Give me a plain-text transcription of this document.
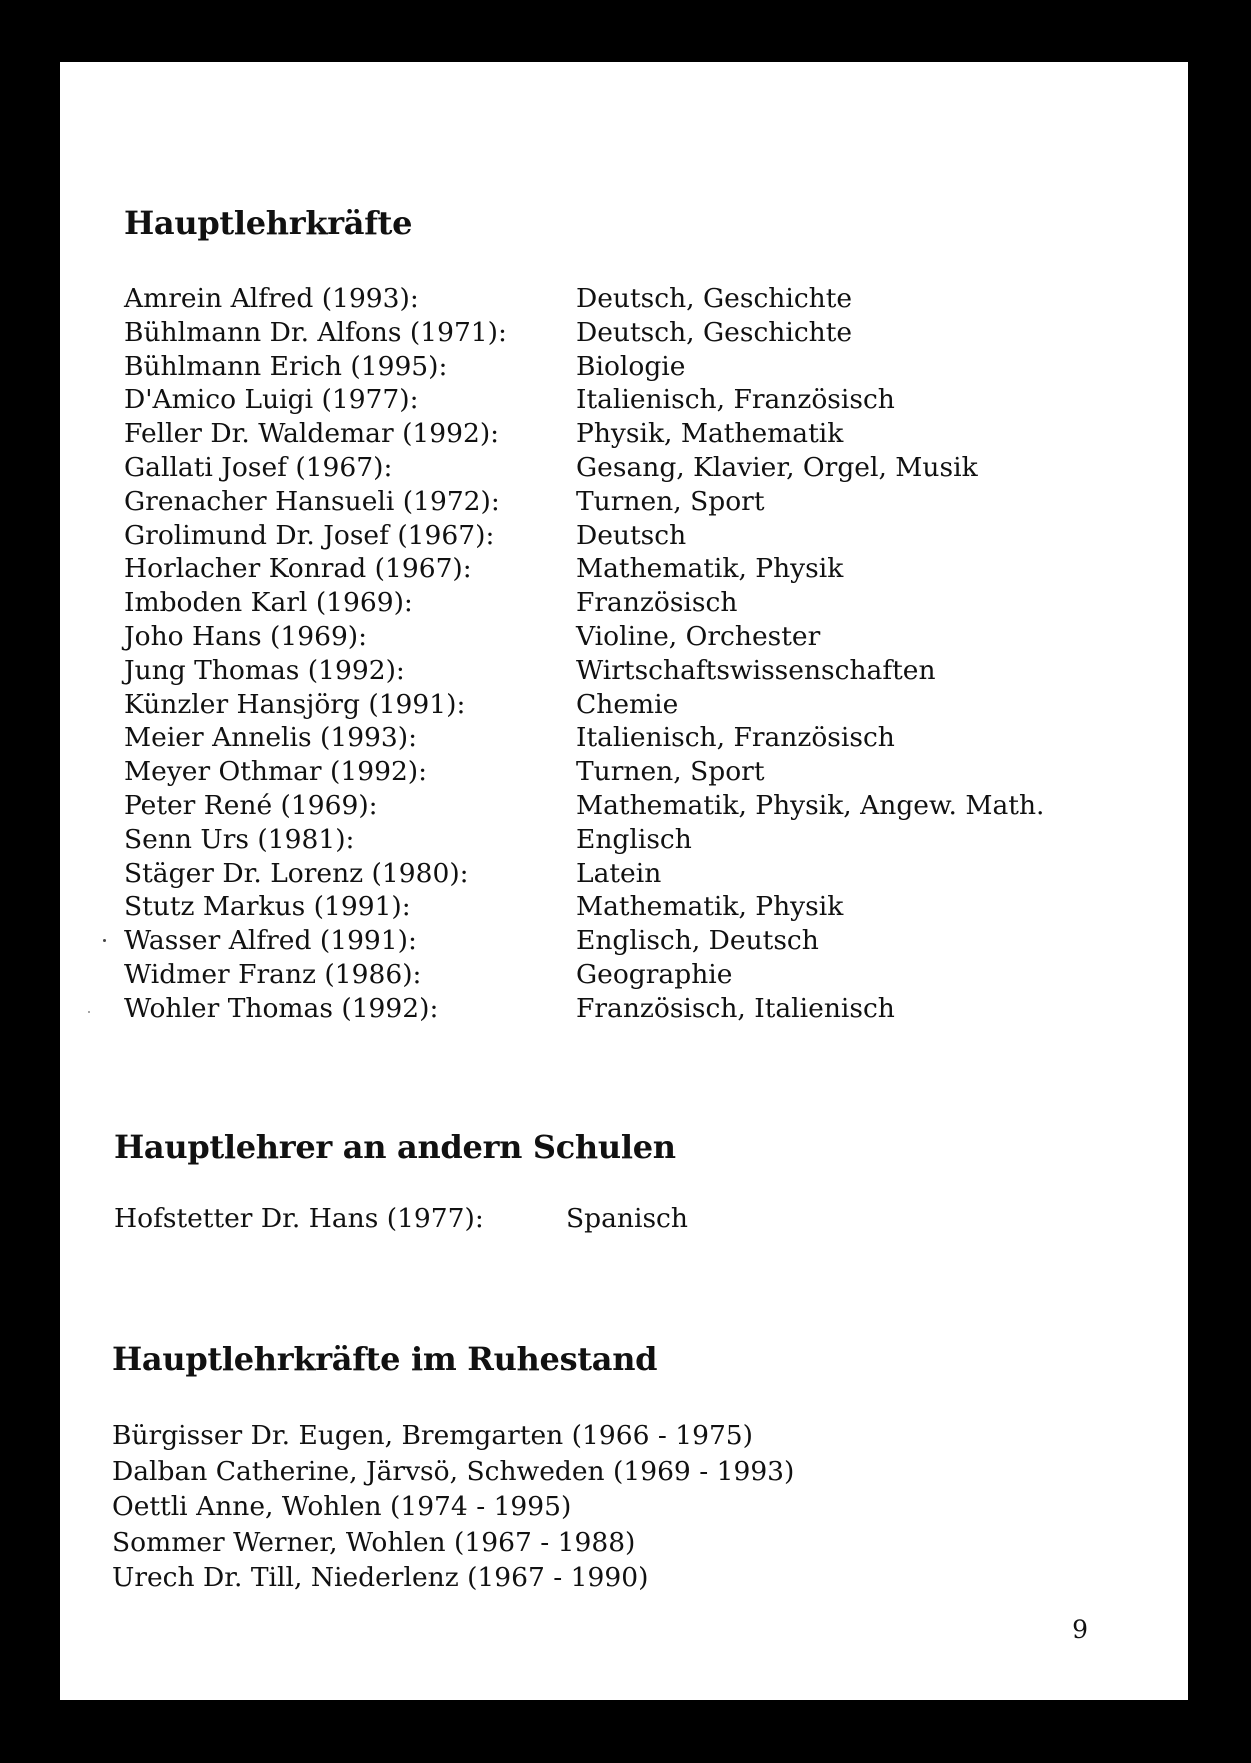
Hauptlehrkräfte
Amrein Alfred (1993):	Deutsch, Geschichte
Bühlmann Dr. Alfons (1971):	Deutsch, Geschichte
Bühlmann Erich (1995):	Biologie
D'Amico Luigi (1977):	Italienisch, Französisch
Feller Dr. Waldemar (1992):	Physik, Mathematik
Gallati Josef (1967):	Gesang, Klavier, Orgel, Musik
Grenacher Hansueli (1972):	Turnen, Sport
Grolimund Dr. Josef (1967):	Deutsch
Horlacher Konrad (1967):	Mathematik, Physik
Imboden Karl (1969):	Französisch
Joho Hans (1969):	Violine, Orchester
Jung Thomas (1992):	Wirtschaftswissenschaften
Künzler Hansjörg (1991):	Chemie
Meier Annelis (1993):	Italienisch, Französisch
Meyer Othmar (1992):	Turnen, Sport
Peter René (1969):	Mathematik, Physik, Angew. Math.
Senn Urs (1981):	Englisch
Stäger Dr. Lorenz (1980):	Latein
Stutz Markus (1991):	Mathematik, Physik
Wasser Alfred (1991):	Englisch, Deutsch
Widmer Franz (1986):	Geographie
Wohler Thomas (1992):	Französisch, Italienisch
Hauptlehrer an andern Schulen
Hofstetter Dr. Hans (1977):	Spanisch
Hauptlehrkräfte im Ruhestand
Bürgisser Dr. Eugen, Bremgarten (1966 - 1975)
Dalban Catherine, Järvsö, Schweden (1969 - 1993)
Oettli Anne, Wohlen (1974 - 1995)
Sommer Werner, Wohlen (1967 - 1988)
Urech Dr. Till, Niederlenz (1967 - 1990)
9
